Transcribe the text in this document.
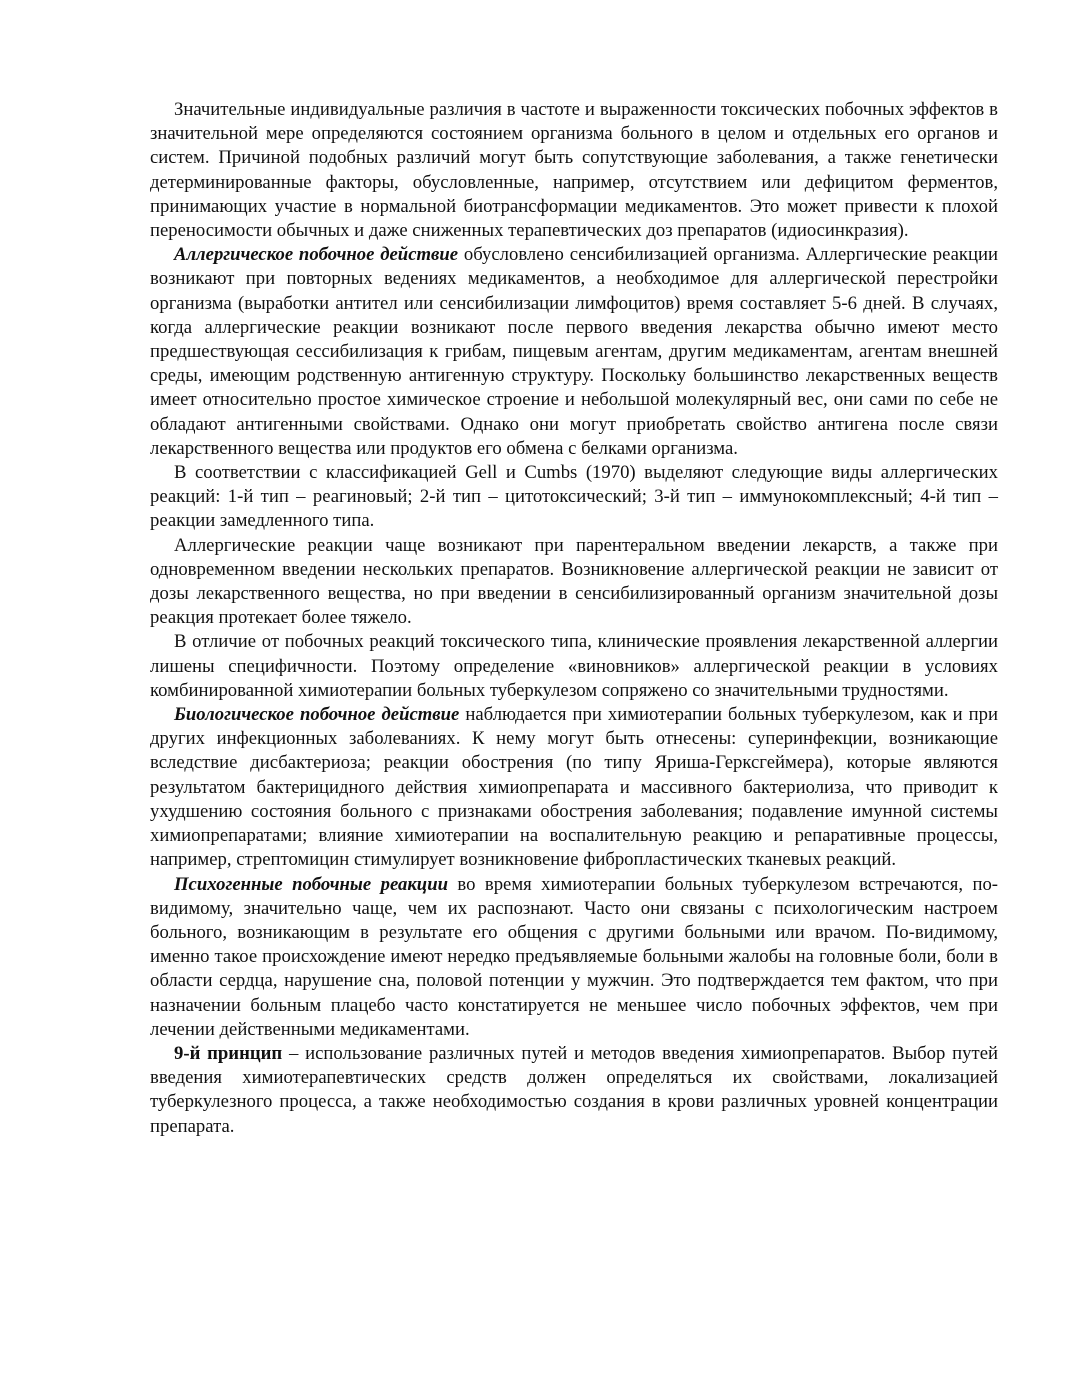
Значительные индивидуальные различия в частоте и выраженности токсических побочных эффектов в значительной мере определяются состоянием организма больного в целом и отдельных его органов и систем. Причиной подобных различий могут быть сопутствующие заболевания, а также генетически детерминированные факторы, обусловленные, например, отсутствием или дефицитом ферментов, принимающих участие в нормальной биотрансформации медикаментов. Это может привести к плохой переносимости обычных и даже сниженных терапевтических доз препаратов (идиосинкразия).

Аллергическое побочное действие обусловлено сенсибилизацией организма. Аллергические реакции возникают при повторных ведениях медикаментов, а необходимое для аллергической перестройки организма (выработки антител или сенсибилизации лимфоцитов) время составляет 5-6 дней. В случаях, когда аллергические реакции возникают после первого введения лекарства обычно имеют место предшествующая сессибилизация к грибам, пищевым агентам, другим медикаментам, агентам внешней среды, имеющим родственную антигенную структуру. Поскольку большинство лекарственных веществ имеет относительно простое химическое строение и небольшой молекулярный вес, они сами по себе не обладают антигенными свойствами. Однако они могут приобретать свойство антигена после связи лекарственного вещества или продуктов его обмена с белками организма.

В соответствии с классификацией Gell и Cumbs (1970) выделяют следующие виды аллергических реакций: 1-й тип – реагиновый; 2-й тип – цитотоксический; 3-й тип – иммунокомплексный; 4-й тип – реакции замедленного типа.

Аллергические реакции чаще возникают при парентеральном введении лекарств, а также при одновременном введении нескольких препаратов. Возникновение аллергической реакции не зависит от дозы лекарственного вещества, но при введении в сенсибилизированный организм значительной дозы реакция протекает более тяжело.

В отличие от побочных реакций токсического типа, клинические проявления лекарственной аллергии лишены специфичности. Поэтому определение «виновников» аллергической реакции в условиях комбинированной химиотерапии больных туберкулезом сопряжено со значительными трудностями.

Биологическое побочное действие наблюдается при химиотерапии больных туберкулезом, как и при других инфекционных заболеваниях. К нему могут быть отнесены: суперинфекции, возникающие вследствие дисбактериоза; реакции обострения (по типу Яриша-Герксгеймера), которые являются результатом бактерицидного действия химиопрепарата и массивного бактериолиза, что приводит к ухудшению состояния больного с признаками обострения заболевания; подавление имунной системы химиопрепаратами; влияние химиотерапии на воспалительную реакцию и репаративные процессы, например, стрептомицин стимулирует возникновение фибропластических тканевых реакций.

Психогенные побочные реакции во время химиотерапии больных туберкулезом встречаются, по-видимому, значительно чаще, чем их распознают. Часто они связаны с психологическим настроем больного, возникающим в результате его общения с другими больными или врачом. По-видимому, именно такое происхождение имеют нередко предъявляемые больными жалобы на головные боли, боли в области сердца, нарушение сна, половой потенции у мужчин. Это подтверждается тем фактом, что при назначении больным плацебо часто констатируется не меньшее число побочных эффектов, чем при лечении действенными медикаментами.

9-й принцип – использование различных путей и методов введения химиопрепаратов. Выбор путей введения химиотерапевтических средств должен определяться их свойствами, локализацией туберкулезного процесса, а также необходимостью создания в крови различных уровней концентрации препарата.
